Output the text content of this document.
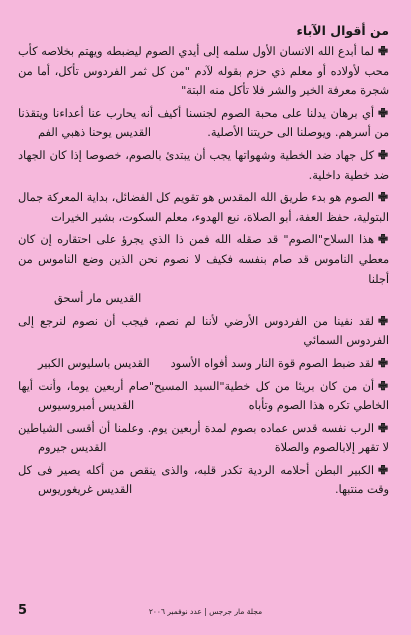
من أقوال الآباء
✙لما أبدع الله الانسان الأول سلمه إلى أيدي الصوم ليضبطه ويهتم بخلاصه كأب محب لأولاده أو معلم ذي حزم بقوله لآدم "من كل ثمر الفردوس تأكل، أما من شجرة معرفة الخير والشر فلا تأكل منه البتة"
✙أي برهان يدلنا على محبة الصوم لجنسنا أكيف أنه يحارب عنا أعداءنا ويتقذنا من أسرهم. ويوصلنا الى حريتنا الأصلية.
القديس يوحنا ذهبي الفم
✙كل جهاد ضد الخطية وشهواتها يجب أن يبتدئ بالصوم، خصوصا إذا كان الجهاد ضد خطية داخلية.
✙الصوم هو بدء طريق الله المقدس هو تقويم كل الفضائل، بداية المعركة جمال البتولية، حفظ العفة، أبو الصلاة، نبع الهدوء، معلم السكوت، بشير الخيرات
✙هذا السلاح"الصوم" قد صقله الله فمن ذا الذي يجرؤ على احتقاره إن كان معطي الناموس قد صام بنفسه فكيف لا نصوم نحن الذين وضع الناموس من أجلنا
القديس مار أسحق
✙لقد نفينا من الفردوس الأرضي لأننا لم نصم، فيجب أن نصوم لنرجع إلى الفردوس السمائي
✙لقد ضبط الصوم قوة النار وسد أفواه الأسود
القديس باسليوس الكبير
✙أن من كان بريئا من كل خطية"السيد المسيح"صام أربعين يوما، وأنت أيها الخاطي تكره هذا الصوم وتأباه
القديس أمبروسيوس
✙الرب نفسه قدس عماده بصوم لمدة أربعين يوم. وعلمنا أن أقسى الشياطين لا تقهر إلابالصوم والصلاة
القديس جيروم
✙الكبير البطن أحلامه الردية تكدر قلبه، والذى ينقص من أكله يصير فى كل وقت منتبها.
القديس غريغوريوس
مجلة مار جرجس | عدد نوفمبر ٢٠٠٦
5
